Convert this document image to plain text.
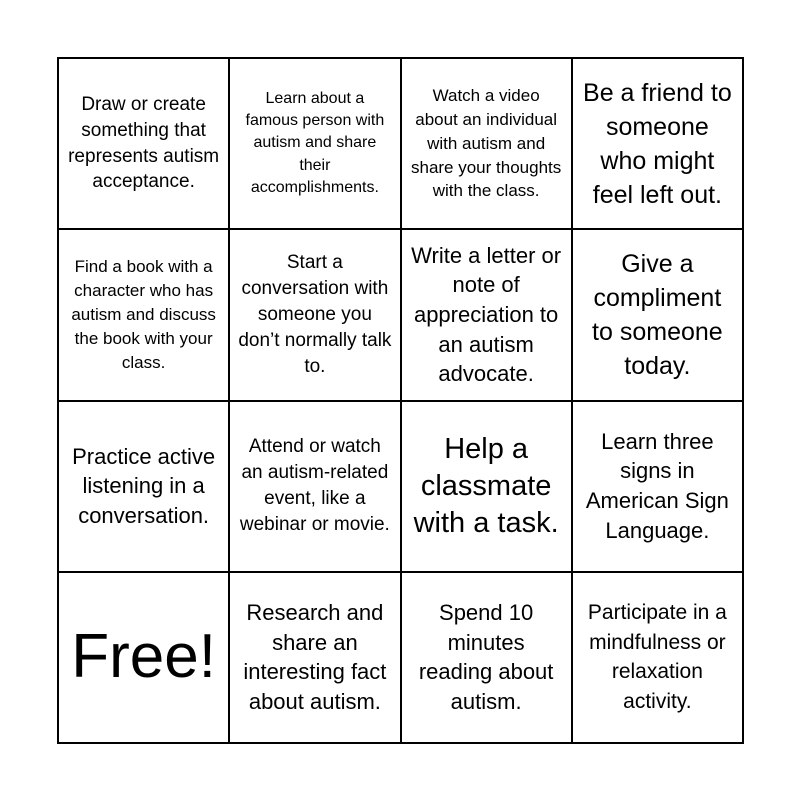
Draw or create something that represents autism acceptance.
Learn about a famous person with autism and share their accomplishments.
Watch a video about an individual with autism and share your thoughts with the class.
Be a friend to someone who might feel left out.
Find a book with a character who has autism and discuss the book with your class.
Start a conversation with someone you don’t normally talk to.
Write a letter or note of appreciation to an autism advocate.
Give a compliment to someone today.
Practice active listening in a conversation.
Attend or watch an autism-related event, like a webinar or movie.
Help a classmate with a task.
Learn three signs in American Sign Language.
Free!
Research and share an interesting fact about autism.
Spend 10 minutes reading about autism.
Participate in a mindfulness or relaxation activity.
